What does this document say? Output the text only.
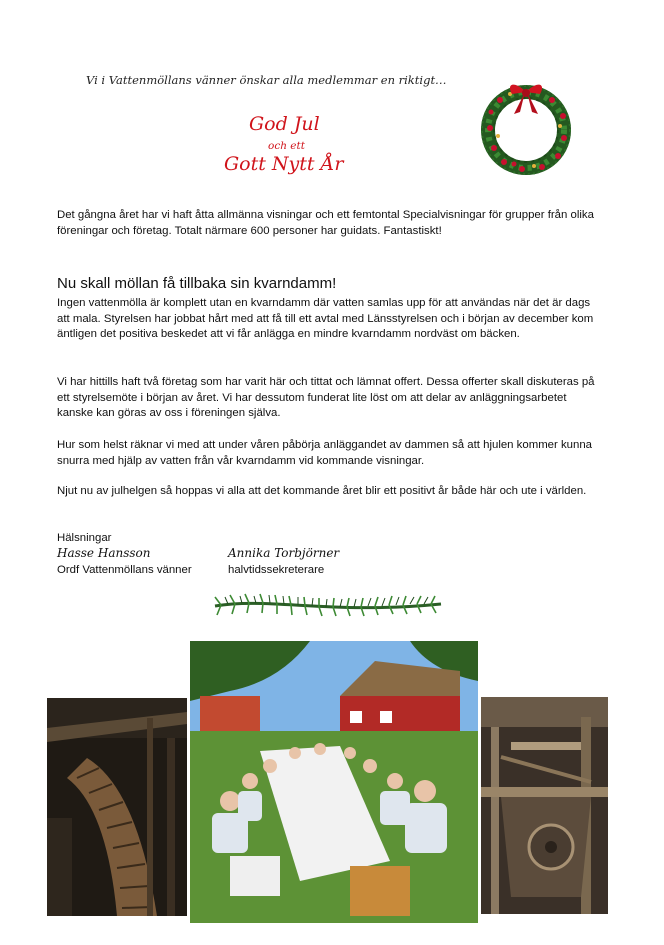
Vi i Vattenmöllans vänner önskar alla medlemmar en riktigt…
God Jul
och ett
Gott Nytt År
Det gångna året har vi haft åtta allmänna visningar och ett femtontal Specialvisningar för grupper från olika föreningar och företag. Totalt närmare 600 personer har guidats. Fantastiskt!
Nu skall möllan få tillbaka sin kvarndamm!
Ingen vattenmölla är komplett utan en kvarndamm där vatten samlas upp för att användas när det är dags att mala. Styrelsen har jobbat hårt med att få till ett avtal med Länsstyrelsen och i början av december kom äntligen det positiva beskedet att vi får anlägga en mindre kvarndamm nordväst om bäcken.
Vi har hittills haft två företag som har varit här och tittat och lämnat offert. Dessa offerter skall diskuteras på ett styrelsemöte i början av året. Vi har dessutom funderat lite löst om att delar av anläggningsarbetet kanske kan göras av oss i föreningen själva.
Hur som helst räknar vi med att under våren påbörja anläggandet av dammen så att hjulen kommer kunna snurra med hjälp av vatten från vår kvarndamm vid kommande visningar.
Njut nu av julhelgen så hoppas vi alla att det kommande året blir ett positivt år både här och ute i världen.
Hälsningar
Hasse Hansson	Annika Torbjörner
Ordf Vattenmöllans vänner	halvtidssekreterare
